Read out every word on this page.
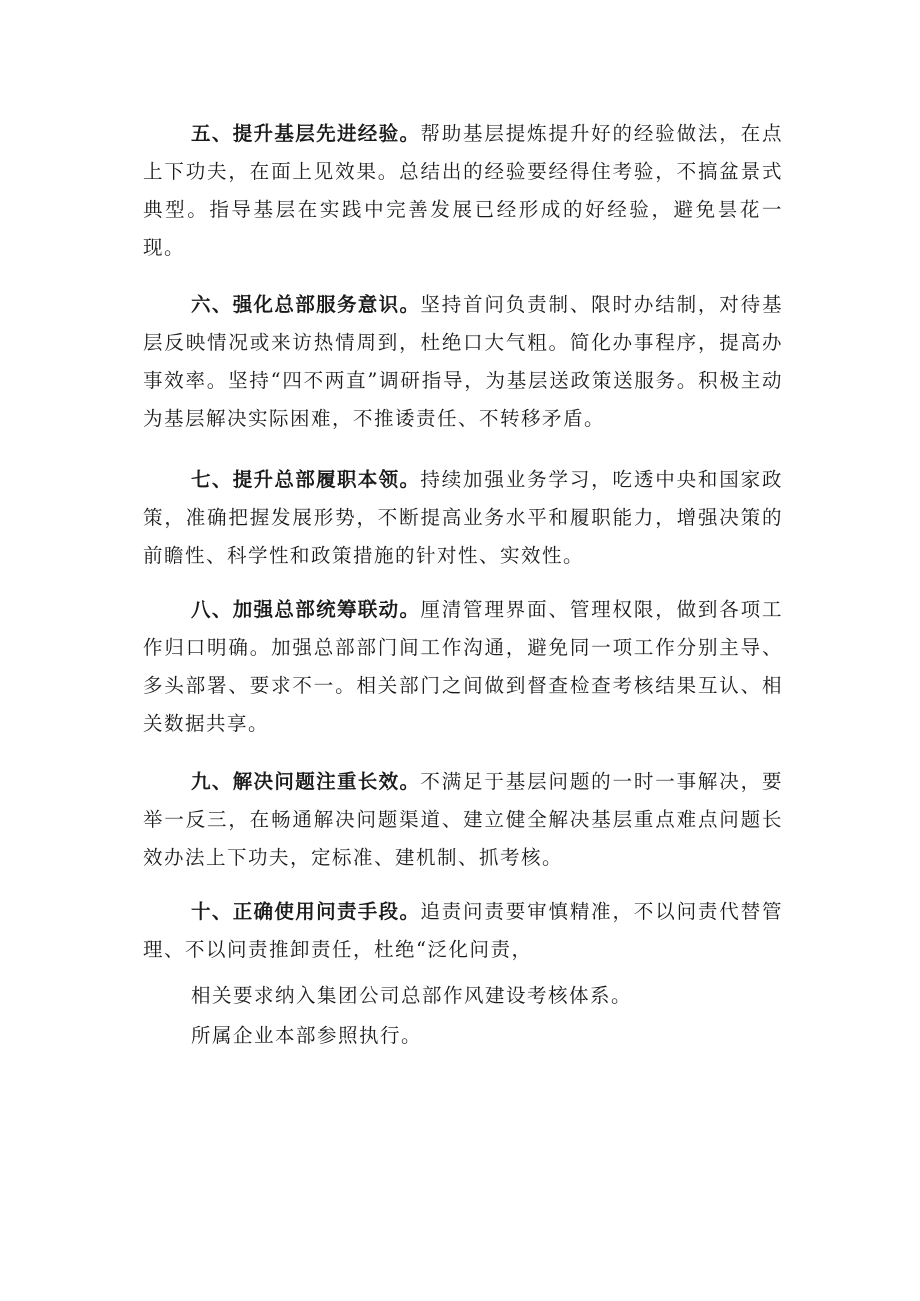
五、提升基层先进经验。帮助基层提炼提升好的经验做法，在点上下功夫，在面上见效果。总结出的经验要经得住考验，不搞盆景式典型。指导基层在实践中完善发展已经形成的好经验，避免昙花一现。

六、强化总部服务意识。坚持首问负责制、限时办结制，对待基层反映情况或来访热情周到，杜绝口大气粗。简化办事程序，提高办事效率。坚持“四不两直”调研指导，为基层送政策送服务。积极主动为基层解决实际困难，不推诿责任、不转移矛盾。

七、提升总部履职本领。持续加强业务学习，吃透中央和国家政策，准确把握发展形势，不断提高业务水平和履职能力，增强决策的前瞻性、科学性和政策措施的针对性、实效性。

八、加强总部统筹联动。厘清管理界面、管理权限，做到各项工作归口明确。加强总部部门间工作沟通，避免同一项工作分别主导、多头部署、要求不一。相关部门之间做到督查检查考核结果互认、相关数据共享。

九、解决问题注重长效。不满足于基层问题的一时一事解决，要举一反三，在畅通解决问题渠道、建立健全解决基层重点难点问题长效办法上下功夫，定标准、建机制、抓考核。

十、正确使用问责手段。追责问责要审慎精准，不以问责代替管理、不以问责推卸责任，杜绝“泛化问责，

相关要求纳入集团公司总部作风建设考核体系。

所属企业本部参照执行。
